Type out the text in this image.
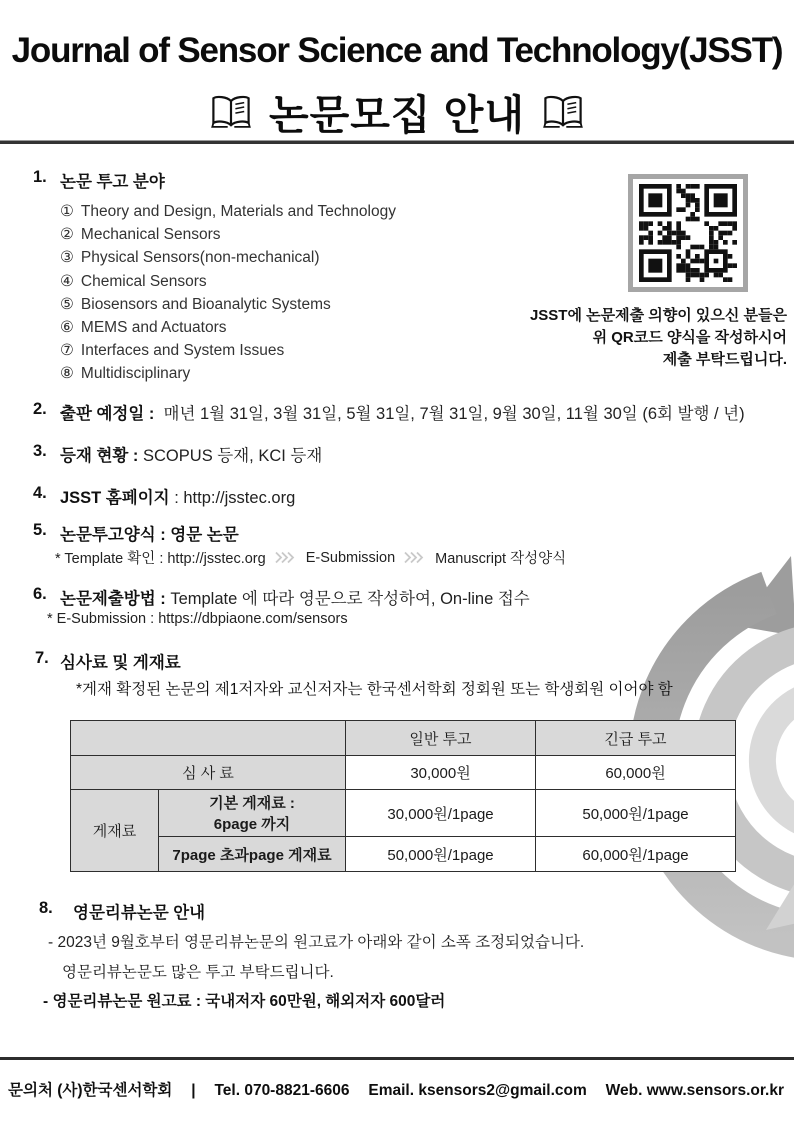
Journal of Sensor Science and Technology(JSST)
논문모집 안내
1. 논문 투고 분야
① Theory and Design, Materials and Technology
② Mechanical Sensors
③ Physical Sensors(non-mechanical)
④ Chemical Sensors
⑤ Biosensors and Bioanalytic Systems
⑥ MEMS and Actuators
⑦ Interfaces and System Issues
⑧ Multidisciplinary
JSST에 논문제출 의향이 있으신 분들은
위 QR코드 양식을 작성하시어
제출 부탁드립니다.
2. 출판 예정일 : 매년 1월 31일, 3월 31일, 5월 31일, 7월 31일, 9월 30일, 11월 30일 (6회 발행 / 년)
3. 등재 현황 : SCOPUS 등재, KCI 등재
4. JSST 홈페이지 : http://jsstec.org
5. 논문투고양식 : 영문 논문
* Template 확인 : http://jsstec.org	E-Submission	Manuscript 작성양식
6. 논문제출방법 : Template 에 따라 영문으로 작성하여, On-line 접수
* E-Submission : https://dbpiaone.com/sensors
7. 심사료 및 게재료
*게재 확정된 논문의 제1저자와 교신저자는 한국센서학회 정회원 또는 학생회원 이어야 함
		일반 투고	긴급 투고
심 사 료		30,000원	60,000원
게재료	기본 게재료 :
6page 까지	30,000원/1page	50,000원/1page
	7page 초과page 게재료	50,000원/1page	60,000원/1page
8. 영문리뷰논문 안내
- 2023년 9월호부터 영문리뷰논문의 원고료가 아래와 같이 소폭 조정되었습니다.
영문리뷰논문도 많은 투고 부탁드립니다.
- 영문리뷰논문 원고료 : 국내저자 60만원, 해외저자 600달러
문의처 (사)한국센서학회 | Tel. 070-8821-6606 Email. ksensors2@gmail.com Web. www.sensors.or.kr
